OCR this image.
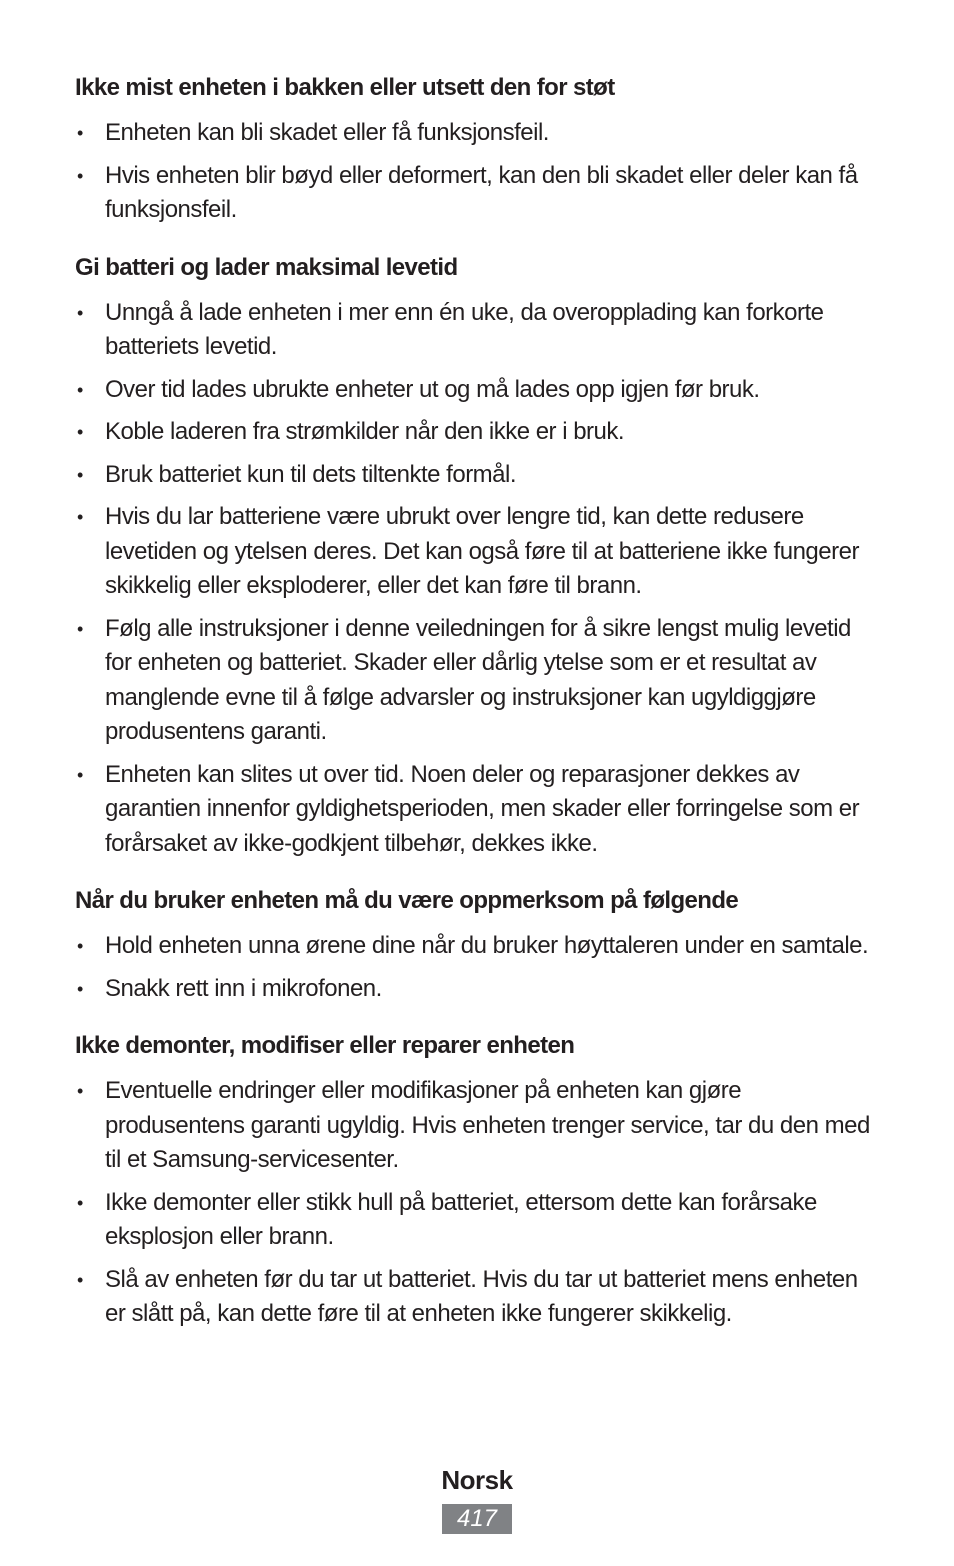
Ikke mist enheten i bakken eller utsett den for støt
• Enheten kan bli skadet eller få funksjonsfeil.
• Hvis enheten blir bøyd eller deformert, kan den bli skadet eller deler kan få funksjonsfeil.
Gi batteri og lader maksimal levetid
• Unngå å lade enheten i mer enn én uke, da overopplading kan forkorte batteriets levetid.
• Over tid lades ubrukte enheter ut og må lades opp igjen før bruk.
• Koble laderen fra strømkilder når den ikke er i bruk.
• Bruk batteriet kun til dets tiltenkte formål.
• Hvis du lar batteriene være ubrukt over lengre tid, kan dette redusere levetiden og ytelsen deres. Det kan også føre til at batteriene ikke fungerer skikkelig eller eksploderer, eller det kan føre til brann.
• Følg alle instruksjoner i denne veiledningen for å sikre lengst mulig levetid for enheten og batteriet. Skader eller dårlig ytelse som er et resultat av manglende evne til å følge advarsler og instruksjoner kan ugyldiggjøre produsentens garanti.
• Enheten kan slites ut over tid. Noen deler og reparasjoner dekkes av garantien innenfor gyldighetsperioden, men skader eller forringelse som er forårsaket av ikke-godkjent tilbehør, dekkes ikke.
Når du bruker enheten må du være oppmerksom på følgende
• Hold enheten unna ørene dine når du bruker høyttaleren under en samtale.
• Snakk rett inn i mikrofonen.
Ikke demonter, modifiser eller reparer enheten
• Eventuelle endringer eller modifikasjoner på enheten kan gjøre produsentens garanti ugyldig. Hvis enheten trenger service, tar du den med til et Samsung-servicesenter.
• Ikke demonter eller stikk hull på batteriet, ettersom dette kan forårsake eksplosjon eller brann.
• Slå av enheten før du tar ut batteriet. Hvis du tar ut batteriet mens enheten er slått på, kan dette føre til at enheten ikke fungerer skikkelig.
Norsk
417
